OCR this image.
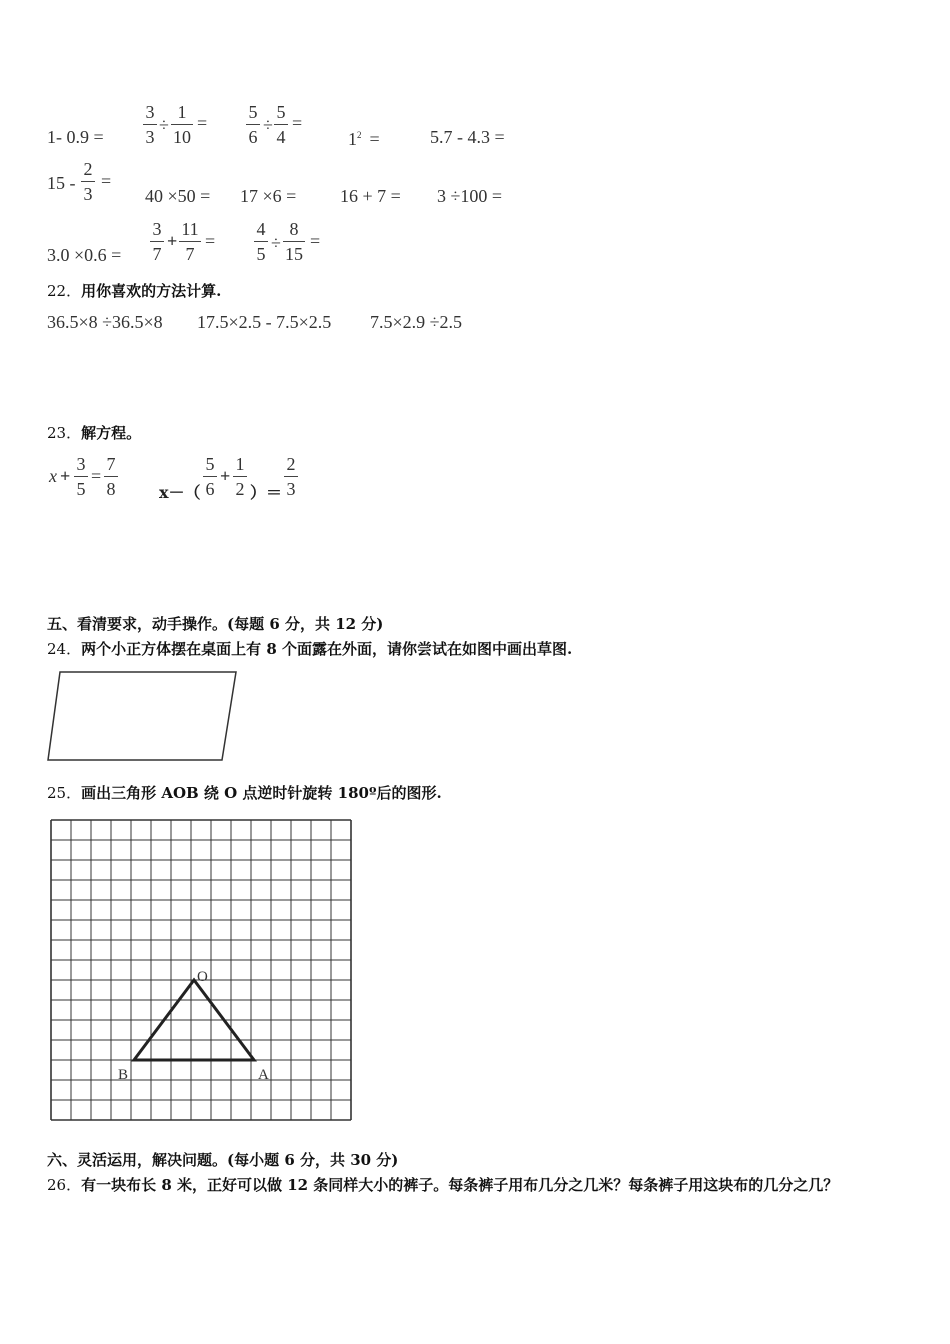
1- 0.9 =
3
3
÷
1
10
=
5
6
÷
5
4
=
$1^2$ =	5.7 - 4.3 =
15 -
2
3
=
40 ×50 = 17 ×6 = 16 + 7 = 3 ÷100 =
3.0 ×0.6 =
3
7
+
11
7
=
4
5
÷
8
15
=
22．用你喜欢的方法计算.
36.5×8 ÷36.5×8 17.5×2.5 - 7.5×2.5 7.5×2.9 ÷2.5
23．解方程。
x +
3
5
=
7
8	x－（
5
6
+
1
2 ）＝
2
3
五、看清要求，动手操作。(每题 6 分，共 12 分)
24．两个小正方体摆在桌面上有 8 个面露在外面，请你尝试在如图中画出草图.
25．画出三角形 AOB 绕 O 点逆时针旋转 180º后的图形.
O
B	A
六、灵活运用，解决问题。(每小题 6 分，共 30 分)
26．有一块布长 8 米，正好可以做 12 条同样大小的裤子。每条裤子用布几分之几米？每条裤子用这块布的几分之几？
